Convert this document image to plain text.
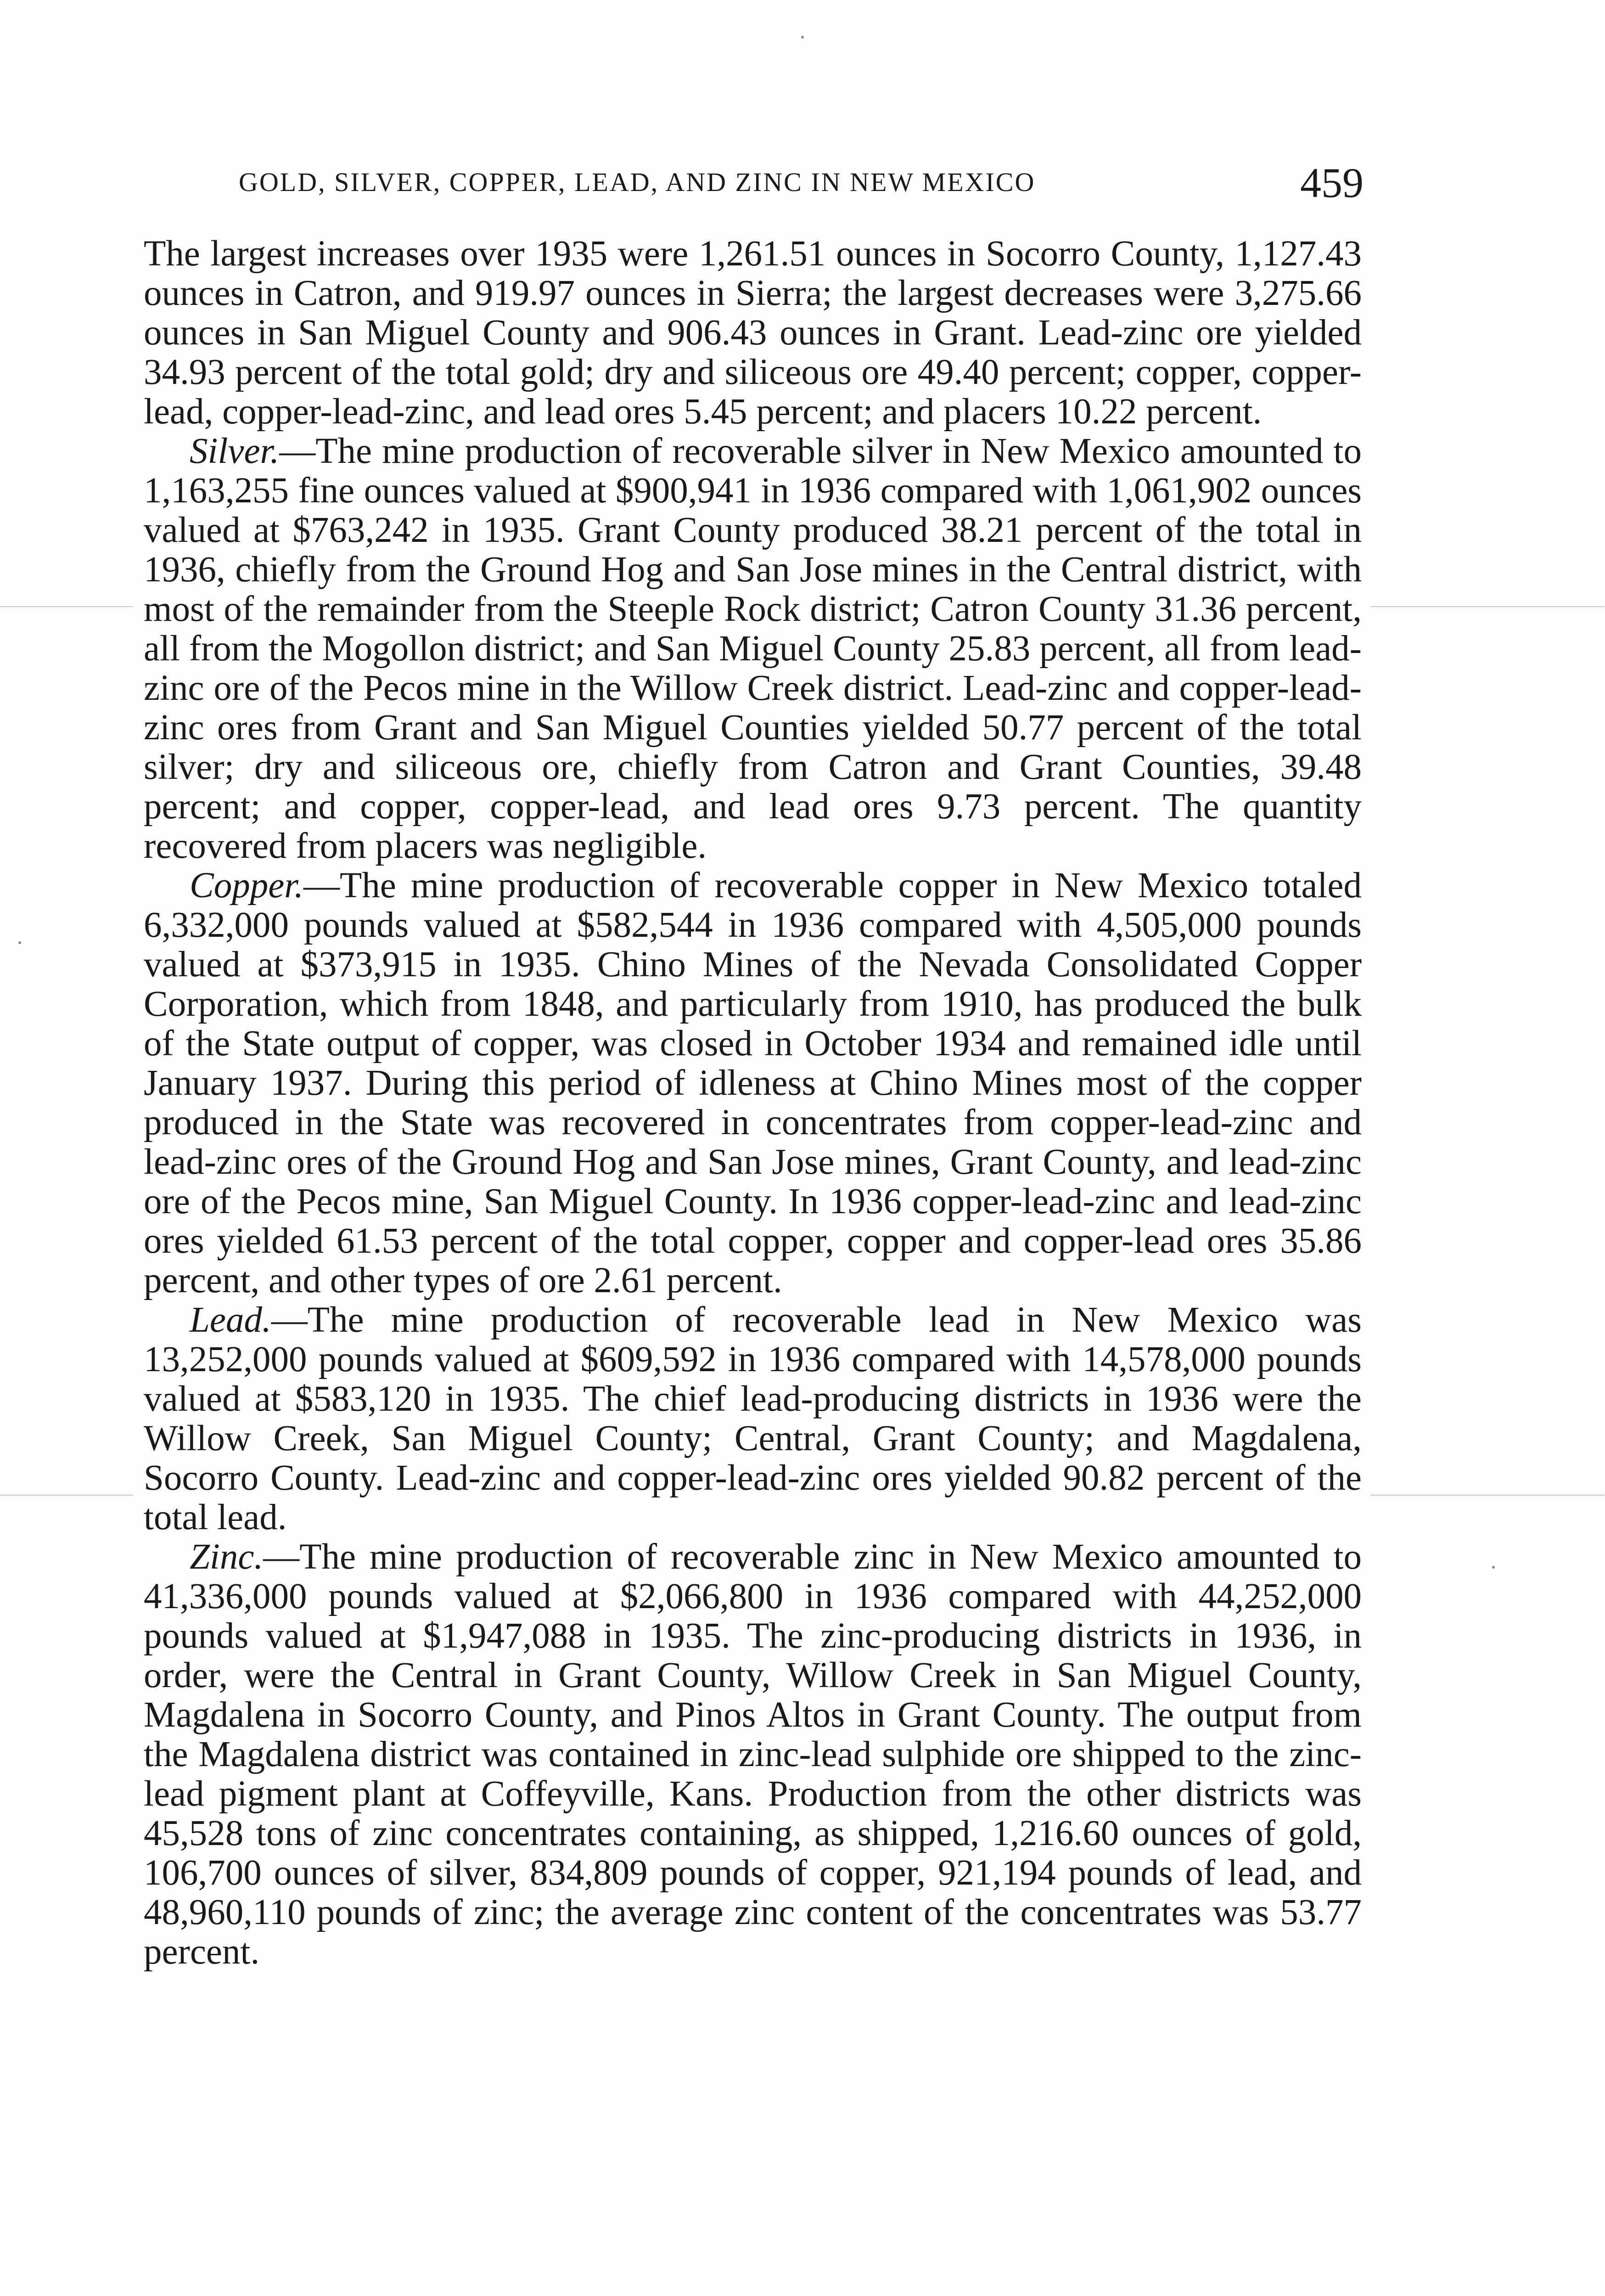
GOLD, SILVER, COPPER, LEAD, AND ZINC IN NEW MEXICO	459

The largest increases over 1935 were 1,261.51 ounces in Socorro County, 1,127.43 ounces in Catron, and 919.97 ounces in Sierra; the largest decreases were 3,275.66 ounces in San Miguel County and 906.43 ounces in Grant. Lead-zinc ore yielded 34.93 percent of the total gold; dry and siliceous ore 49.40 percent; copper, copper-lead, copper-lead-zinc, and lead ores 5.45 percent; and placers 10.22 percent.

Silver.—The mine production of recoverable silver in New Mexico amounted to 1,163,255 fine ounces valued at $900,941 in 1936 compared with 1,061,902 ounces valued at $763,242 in 1935. Grant County produced 38.21 percent of the total in 1936, chiefly from the Ground Hog and San Jose mines in the Central district, with most of the remainder from the Steeple Rock district; Catron County 31.36 percent, all from the Mogollon district; and San Miguel County 25.83 percent, all from lead-zinc ore of the Pecos mine in the Willow Creek district. Lead-zinc and copper-lead-zinc ores from Grant and San Miguel Counties yielded 50.77 percent of the total silver; dry and siliceous ore, chiefly from Catron and Grant Counties, 39.48 percent; and copper, copper-lead, and lead ores 9.73 percent. The quantity recovered from placers was negligible.

Copper.—The mine production of recoverable copper in New Mexico totaled 6,332,000 pounds valued at $582,544 in 1936 compared with 4,505,000 pounds valued at $373,915 in 1935. Chino Mines of the Nevada Consolidated Copper Corporation, which from 1848, and particularly from 1910, has produced the bulk of the State output of copper, was closed in October 1934 and remained idle until January 1937. During this period of idleness at Chino Mines most of the copper produced in the State was recovered in concentrates from copper-lead-zinc and lead-zinc ores of the Ground Hog and San Jose mines, Grant County, and lead-zinc ore of the Pecos mine, San Miguel County. In 1936 copper-lead-zinc and lead-zinc ores yielded 61.53 percent of the total copper, copper and copper-lead ores 35.86 percent, and other types of ore 2.61 percent.

Lead.—The mine production of recoverable lead in New Mexico was 13,252,000 pounds valued at $609,592 in 1936 compared with 14,578,000 pounds valued at $583,120 in 1935. The chief lead-producing districts in 1936 were the Willow Creek, San Miguel County; Central, Grant County; and Magdalena, Socorro County. Lead-zinc and copper-lead-zinc ores yielded 90.82 percent of the total lead.

Zinc.—The mine production of recoverable zinc in New Mexico amounted to 41,336,000 pounds valued at $2,066,800 in 1936 compared with 44,252,000 pounds valued at $1,947,088 in 1935. The zinc-producing districts in 1936, in order, were the Central in Grant County, Willow Creek in San Miguel County, Magdalena in Socorro County, and Pinos Altos in Grant County. The output from the Magdalena district was contained in zinc-lead sulphide ore shipped to the zinc-lead pigment plant at Coffeyville, Kans. Production from the other districts was 45,528 tons of zinc concentrates containing, as shipped, 1,216.60 ounces of gold, 106,700 ounces of silver, 834,809 pounds of copper, 921,194 pounds of lead, and 48,960,110 pounds of zinc; the average zinc content of the concentrates was 53.77 percent.
